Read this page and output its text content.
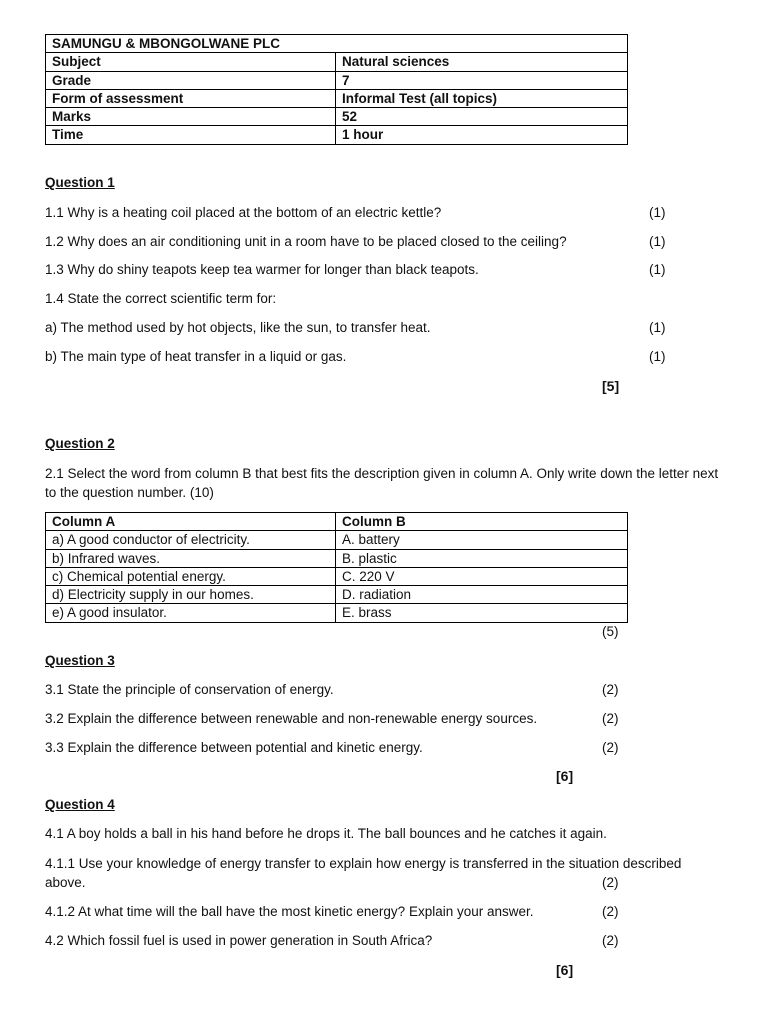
SAMUNGU & MBONGOLWANE PLC	
Subject	Natural sciences
Grade	7
Form of assessment	Informal Test (all topics)
Marks	52
Time	1 hour
Question 1
1.1 Why is a heating coil placed at the bottom of an electric kettle?	(1)
1.2 Why does an air conditioning unit in a room have to be placed closed to the ceiling?	(1)
1.3 Why do shiny teapots keep tea warmer for longer than black teapots.	(1)
1.4 State the correct scientific term for:
a) The method used by hot objects, like the sun, to transfer heat.	(1)
b) The main type of heat transfer in a liquid or gas.	(1)
[5]
Question 2
2.1 Select the word from column B that best fits the description given in column A. Only write down the letter next to the question number. (10)
Column A	Column B
a) A good conductor of electricity.	A. battery
b) Infrared waves.	B. plastic
c) Chemical potential energy.	C. 220 V
d) Electricity supply in our homes.	D. radiation
e) A good insulator.	E. brass
(5)
Question 3
3.1 State the principle of conservation of energy.	(2)
3.2 Explain the difference between renewable and non-renewable energy sources.	(2)
3.3 Explain the difference between potential and kinetic energy.	(2)
[6]
Question 4
4.1 A boy holds a ball in his hand before he drops it. The ball bounces and he catches it again.
4.1.1 Use your knowledge of energy transfer to explain how energy is transferred in the situation described
above.	(2)
4.1.2 At what time will the ball have the most kinetic energy? Explain your answer.	(2)
4.2 Which fossil fuel is used in power generation in South Africa?	(2)
[6]
